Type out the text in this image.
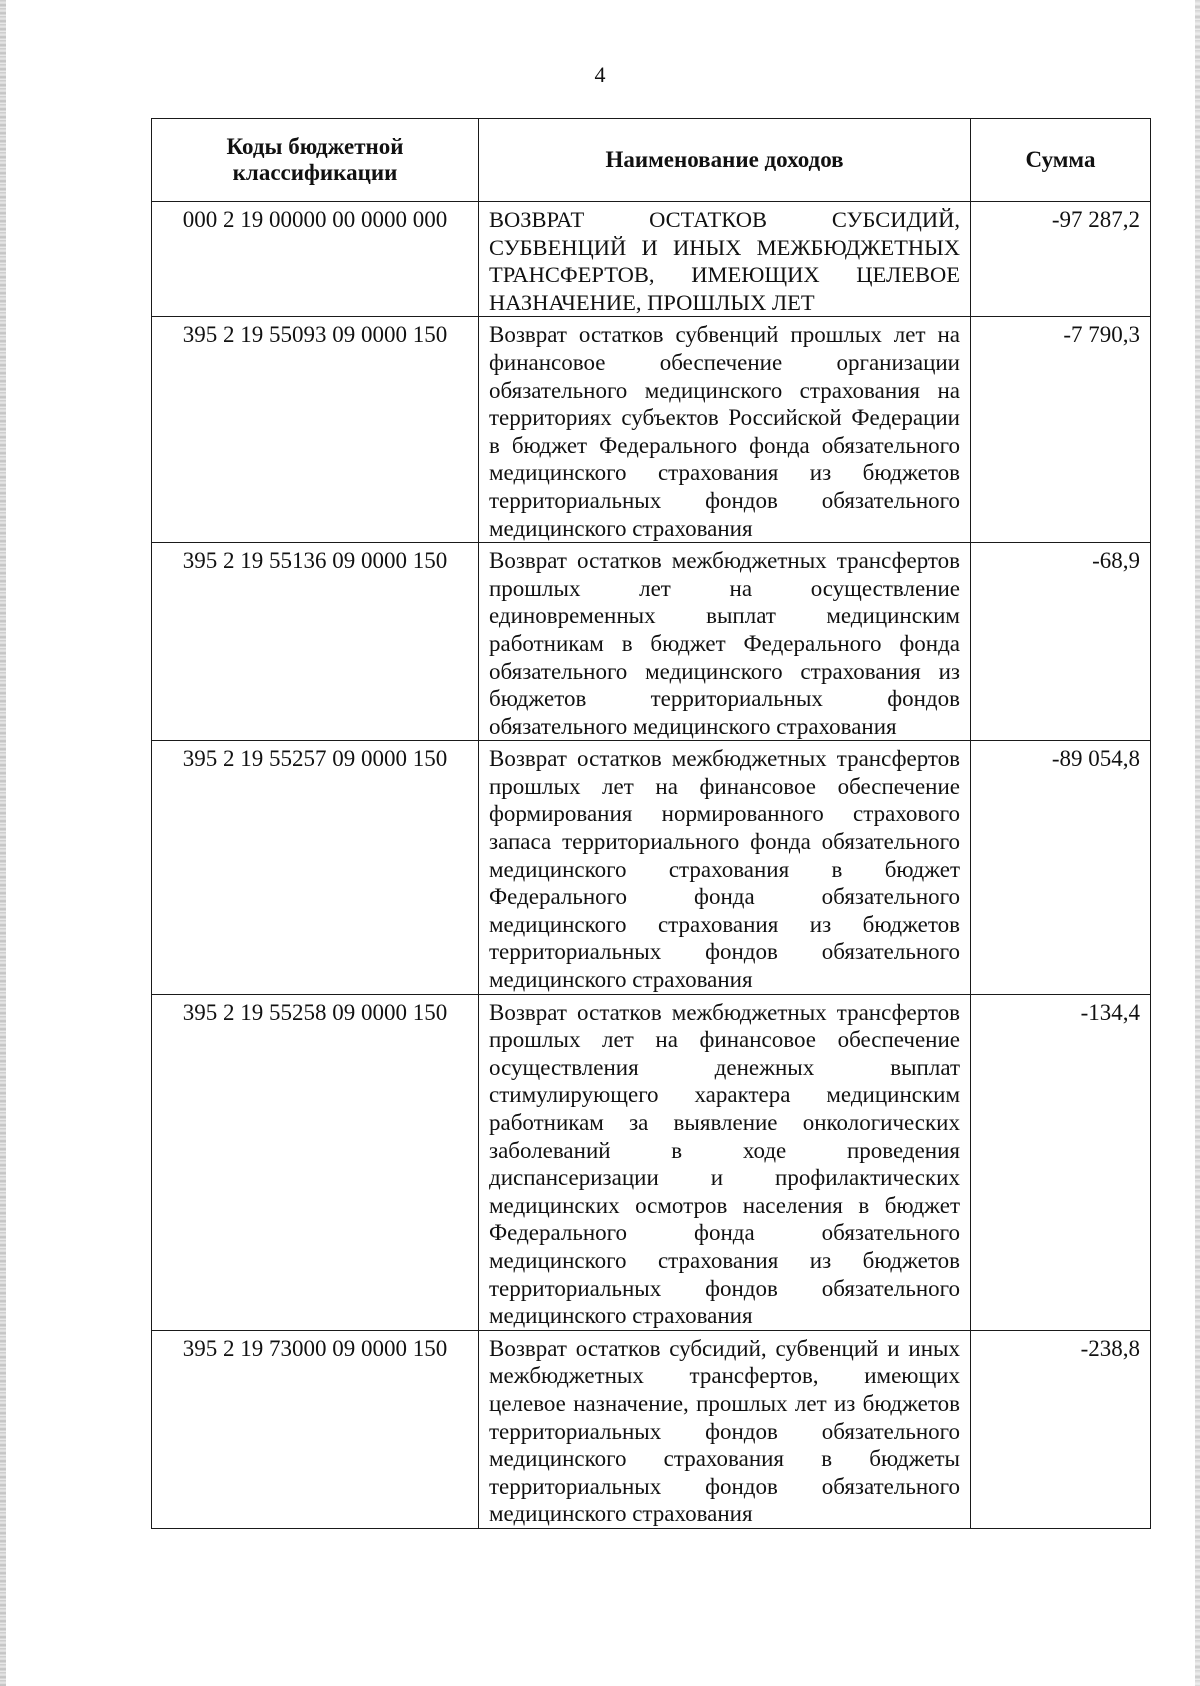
4
Коды бюджетной классификации	Наименование доходов	Сумма
000 2 19 00000 00 0000 000	ВОЗВРАТ ОСТАТКОВ СУБСИДИЙ, СУБВЕНЦИЙ И ИНЫХ МЕЖБЮДЖЕТНЫХ ТРАНСФЕРТОВ, ИМЕЮЩИХ ЦЕЛЕВОЕ НАЗНАЧЕНИЕ, ПРОШЛЫХ ЛЕТ	-97 287,2
395 2 19 55093 09 0000 150	Возврат остатков субвенций прошлых лет на финансовое обеспечение организации обязательного медицинского страхования на территориях субъектов Российской Федерации в бюджет Федерального фонда обязательного медицинского страхования из бюджетов территориальных фондов обязательного медицинского страхования	-7 790,3
395 2 19 55136 09 0000 150	Возврат остатков межбюджетных трансфертов прошлых лет на осуществление единовременных выплат медицинским работникам в бюджет Федерального фонда обязательного медицинского страхования из бюджетов территориальных фондов обязательного медицинского страхования	-68,9
395 2 19 55257 09 0000 150	Возврат остатков межбюджетных трансфертов прошлых лет на финансовое обеспечение формирования нормированного страхового запаса территориального фонда обязательного медицинского страхования в бюджет Федерального фонда обязательного медицинского страхования из бюджетов территориальных фондов обязательного медицинского страхования	-89 054,8
395 2 19 55258 09 0000 150	Возврат остатков межбюджетных трансфертов прошлых лет на финансовое обеспечение осуществления денежных выплат стимулирующего характера медицинским работникам за выявление онкологических заболеваний в ходе проведения диспансеризации и профилактических медицинских осмотров населения в бюджет Федерального фонда обязательного медицинского страхования из бюджетов территориальных фондов обязательного медицинского страхования	-134,4
395 2 19 73000 09 0000 150	Возврат остатков субсидий, субвенций и иных межбюджетных трансфертов, имеющих целевое назначение, прошлых лет из бюджетов территориальных фондов обязательного медицинского страхования в бюджеты территориальных фондов обязательного медицинского страхования	-238,8
